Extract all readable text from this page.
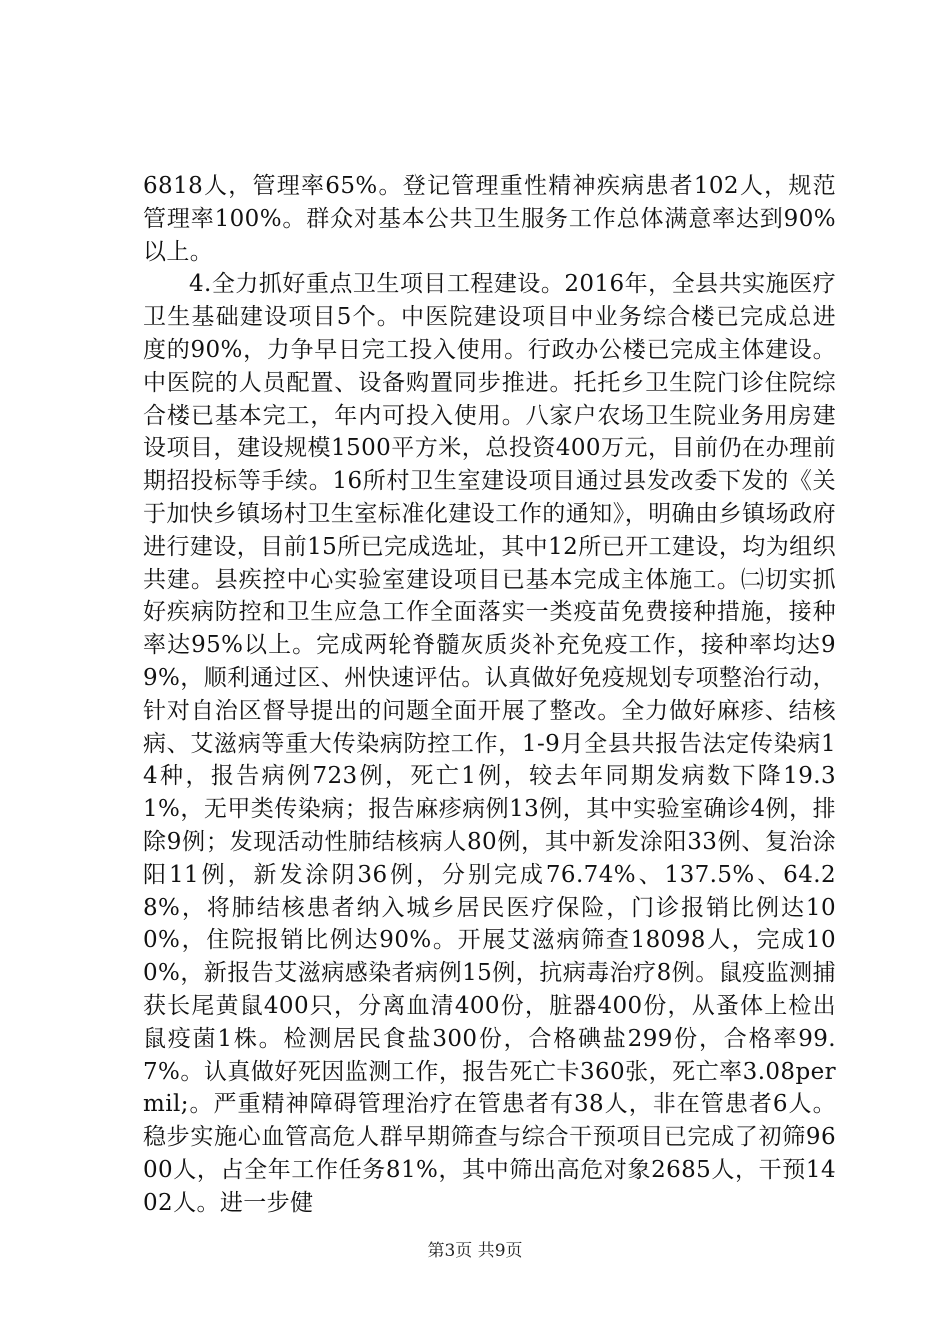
6818人，管理率65%。登记管理重性精神疾病患者102人，规范管理率100%。群众对基本公共卫生服务工作总体满意率达到90%以上。

4.全力抓好重点卫生项目工程建设。2016年，全县共实施医疗卫生基础建设项目5个。中医院建设项目中业务综合楼已完成总进度的90%，力争早日完工投入使用。行政办公楼已完成主体建设。中医院的人员配置、设备购置同步推进。托托乡卫生院门诊住院综合楼已基本完工，年内可投入使用。八家户农场卫生院业务用房建设项目，建设规模1500平方米，总投资400万元，目前仍在办理前期招投标等手续。16所村卫生室建设项目通过县发改委下发的《关于加快乡镇场村卫生室标准化建设工作的通知》，明确由乡镇场政府进行建设，目前15所已完成选址，其中12所已开工建设，均为组织共建。县疾控中心实验室建设项目已基本完成主体施工。㈡切实抓好疾病防控和卫生应急工作全面落实一类疫苗免费接种措施，接种率达95%以上。完成两轮脊髓灰质炎补充免疫工作，接种率均达99%，顺利通过区、州快速评估。认真做好免疫规划专项整治行动，针对自治区督导提出的问题全面开展了整改。全力做好麻疹、结核病、艾滋病等重大传染病防控工作，1-9月全县共报告法定传染病14种，报告病例723例，死亡1例，较去年同期发病数下降19.31%，无甲类传染病；报告麻疹病例13例，其中实验室确诊4例，排除9例；发现活动性肺结核病人80例，其中新发涂阳33例、复治涂阳11例，新发涂阴36例，分别完成76.74%、137.5%、64.28%，将肺结核患者纳入城乡居民医疗保险，门诊报销比例达100%，住院报销比例达90%。开展艾滋病筛查18098人，完成100%，新报告艾滋病感染者病例15例，抗病毒治疗8例。鼠疫监测捕获长尾黄鼠400只，分离血清400份，脏器400份，从蚤体上检出鼠疫菌1株。检测居民食盐300份，合格碘盐299份，合格率99.7%。认真做好死因监测工作，报告死亡卡360张，死亡率3.08permil;。严重精神障碍管理治疗在管患者有38人，非在管患者6人。稳步实施心血管高危人群早期筛查与综合干预项目已完成了初筛9600人，占全年工作任务81%，其中筛出高危对象2685人，干预1402人。进一步健

第3页 共9页
